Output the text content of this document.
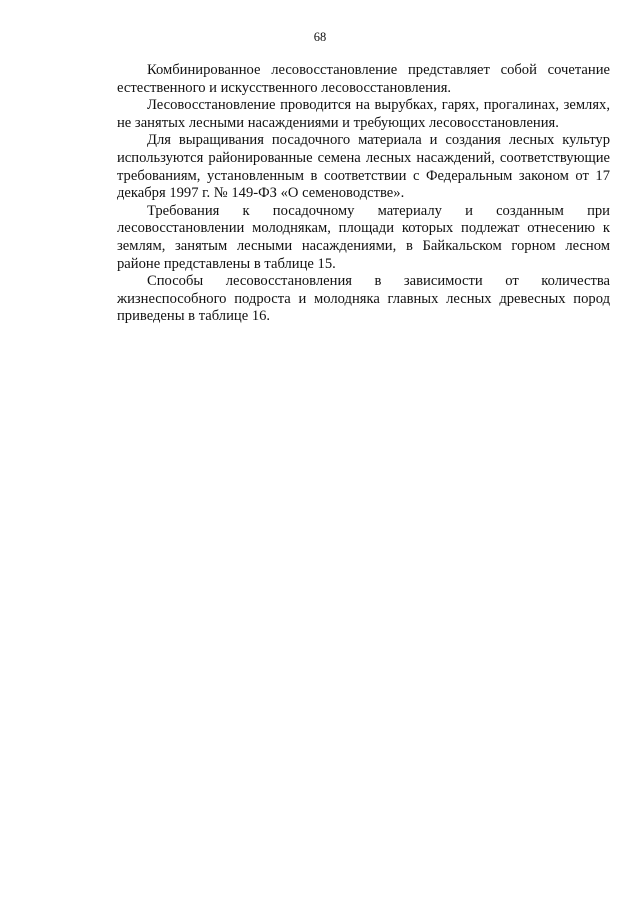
68

Комбинированное лесовосстановление представляет собой сочетание естественного и искусственного лесовосстановления.

Лесовосстановление проводится на вырубках, гарях, прогалинах, землях, не занятых лесными насаждениями и требующих лесовосстановления.

Для выращивания посадочного материала и создания лесных культур используются районированные семена лесных насаждений, соответствующие требованиям, установленным в соответствии с Федеральным законом от 17 декабря 1997 г. № 149-ФЗ «О семеноводстве».

Требования к посадочному материалу и созданным при лесовосстановлении молоднякам, площади которых подлежат отнесению к землям, занятым лесными насаждениями, в Байкальском горном лесном районе представлены в таблице 15.

Способы лесовосстановления в зависимости от количества жизнеспособного подроста и молодняка главных лесных древесных пород приведены в таблице 16.
